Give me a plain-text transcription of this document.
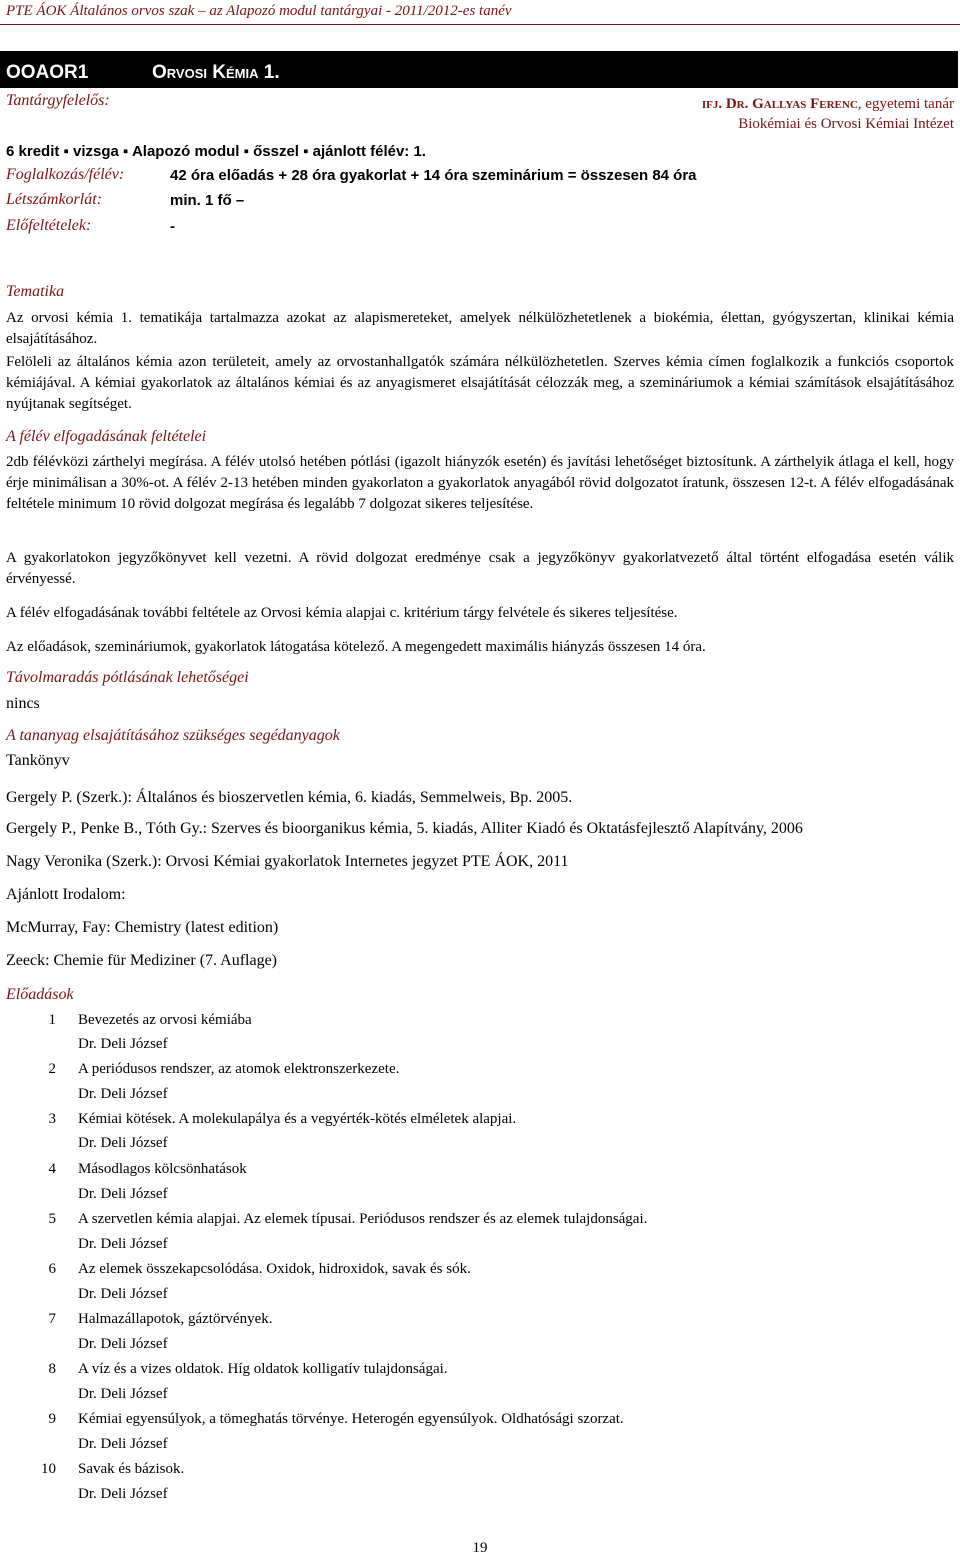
PTE ÁOK Általános orvos szak – az Alapozó modul tantárgyai - 2011/2012-es tanév
OOAOR1	Orvosi Kémia 1.
Tantárgyfelelős:	ifj. Dr. Gallyas Ferenc, egyetemi tanár
Biokémiai és Orvosi Kémiai Intézet
6 kredit ▪ vizsga ▪ Alapozó modul ▪ ősszel ▪ ajánlott félév: 1.
Foglalkozás/félév:	42 óra előadás + 28 óra gyakorlat + 14 óra szeminárium = összesen 84 óra
Létszámkorlát:	min. 1 fő –
Előfeltételek:	-
Tematika
Az orvosi kémia 1. tematikája tartalmazza azokat az alapismereteket, amelyek nélkülözhetetlenek a biokémia, élettan, gyógyszertan, klinikai kémia elsajátításához.
Felöleli az általános kémia azon területeit, amely az orvostanhallgatók számára nélkülözhetetlen. Szerves kémia címen foglalkozik a funkciós csoportok kémiájával. A kémiai gyakorlatok az általános kémiai és az anyagismeret elsajátítását célozzák meg, a szemináriumok a kémiai számítások elsajátításához nyújtanak segítséget.
A félév elfogadásának feltételei
2db félévközi zárthelyi megírása. A félév utolsó hetében pótlási (igazolt hiányzók esetén) és javítási lehetőséget biztosítunk. A zárthelyik átlaga el kell, hogy érje minimálisan a 30%-ot. A félév 2-13 hetében minden gyakorlaton a gyakorlatok anyagából rövid dolgozatot íratunk, összesen 12-t. A félév elfogadásának feltétele minimum 10 rövid dolgozat megírása és legalább 7 dolgozat sikeres teljesítése.
A gyakorlatokon jegyzőkönyvet kell vezetni. A rövid dolgozat eredménye csak a jegyzőkönyv gyakorlatvezető által történt elfogadása esetén válik érvényessé.
A félév elfogadásának további feltétele az Orvosi kémia alapjai c. kritérium tárgy felvétele és sikeres teljesítése.
Az előadások, szemináriumok, gyakorlatok látogatása kötelező. A megengedett maximális hiányzás összesen 14 óra.
Távolmaradás pótlásának lehetőségei
nincs
A tananyag elsajátításához szükséges segédanyagok
Tankönyv
Gergely P. (Szerk.): Általános és bioszervetlen kémia, 6. kiadás, Semmelweis, Bp. 2005.
Gergely P., Penke B., Tóth Gy.: Szerves és bioorganikus kémia, 5. kiadás, Alliter Kiadó és Oktatásfejlesztő Alapítvány, 2006
Nagy Veronika (Szerk.): Orvosi Kémiai gyakorlatok Internetes jegyzet PTE ÁOK, 2011
Ajánlott Irodalom:
McMurray, Fay: Chemistry (latest edition)
Zeeck: Chemie für Mediziner (7. Auflage)
Előadások
1 Bevezetés az orvosi kémiába
Dr. Deli József
2 A periódusos rendszer, az atomok elektronszerkezete.
Dr. Deli József
3 Kémiai kötések. A molekulapálya és a vegyérték-kötés elméletek alapjai.
Dr. Deli József
4 Másodlagos kölcsönhatások
Dr. Deli József
5 A szervetlen kémia alapjai. Az elemek típusai. Periódusos rendszer és az elemek tulajdonságai.
Dr. Deli József
6 Az elemek összekapcsolódása. Oxidok, hidroxidok, savak és sók.
Dr. Deli József
7 Halmazállapotok, gáztörvények.
Dr. Deli József
8 A víz és a vizes oldatok. Híg oldatok kolligatív tulajdonságai.
Dr. Deli József
9 Kémiai egyensúlyok, a tömeghatás törvénye. Heterogén egyensúlyok. Oldhatósági szorzat.
Dr. Deli József
10 Savak és bázisok.
Dr. Deli József
19
